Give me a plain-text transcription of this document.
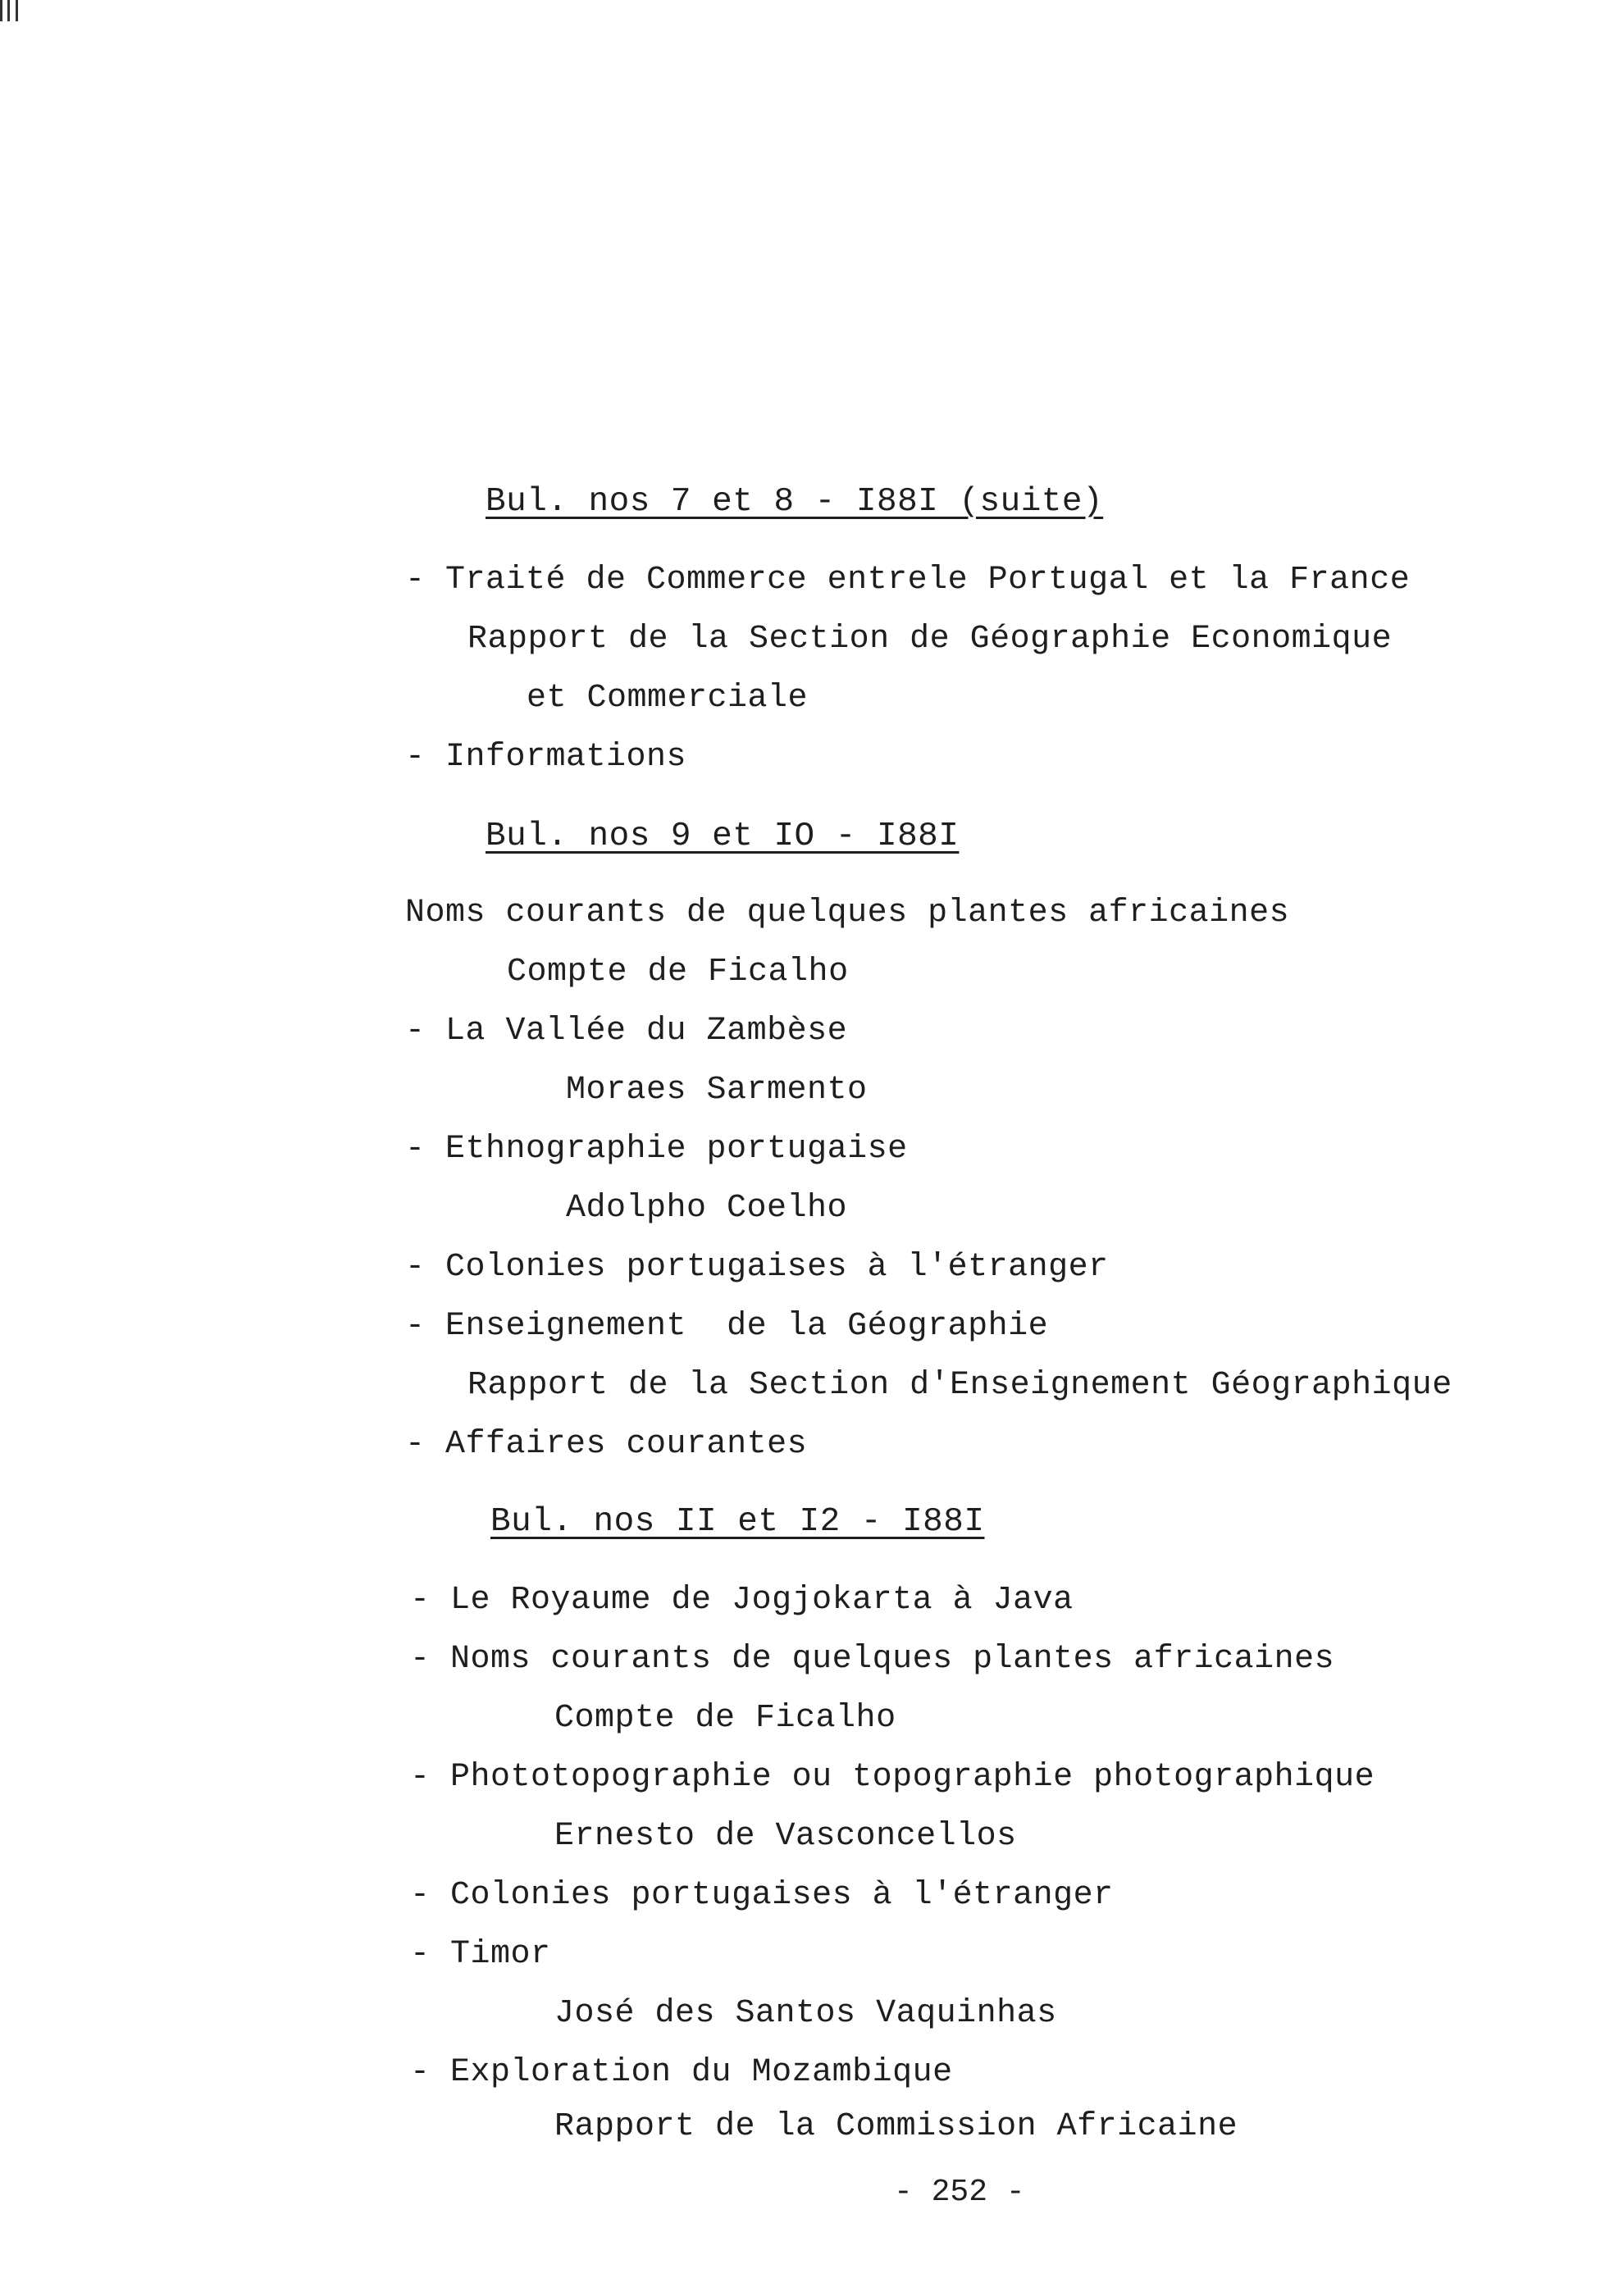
Bul. nos 7 et 8 - I88I (suite)
- Traité de Commerce entrele Portugal et la France
Rapport de la Section de Géographie Economique
et Commerciale
- Informations
Bul. nos 9 et IO - I88I
Noms courants de quelques plantes africaines
Compte de Ficalho
- La Vallée du Zambèse
Moraes Sarmento
- Ethnographie portugaise
Adolpho Coelho
- Colonies portugaises à l'étranger
- Enseignement  de la Géographie
Rapport de la Section d'Enseignement Géographique
- Affaires courantes
Bul. nos II et I2 - I88I
- Le Royaume de Jogjokarta à Java
- Noms courants de quelques plantes africaines
Compte de Ficalho
- Phototopographie ou topographie photographique
Ernesto de Vasconcellos
- Colonies portugaises à l'étranger
- Timor
José des Santos Vaquinhas
- Exploration du Mozambique
Rapport de la Commission Africaine
- 252 -
